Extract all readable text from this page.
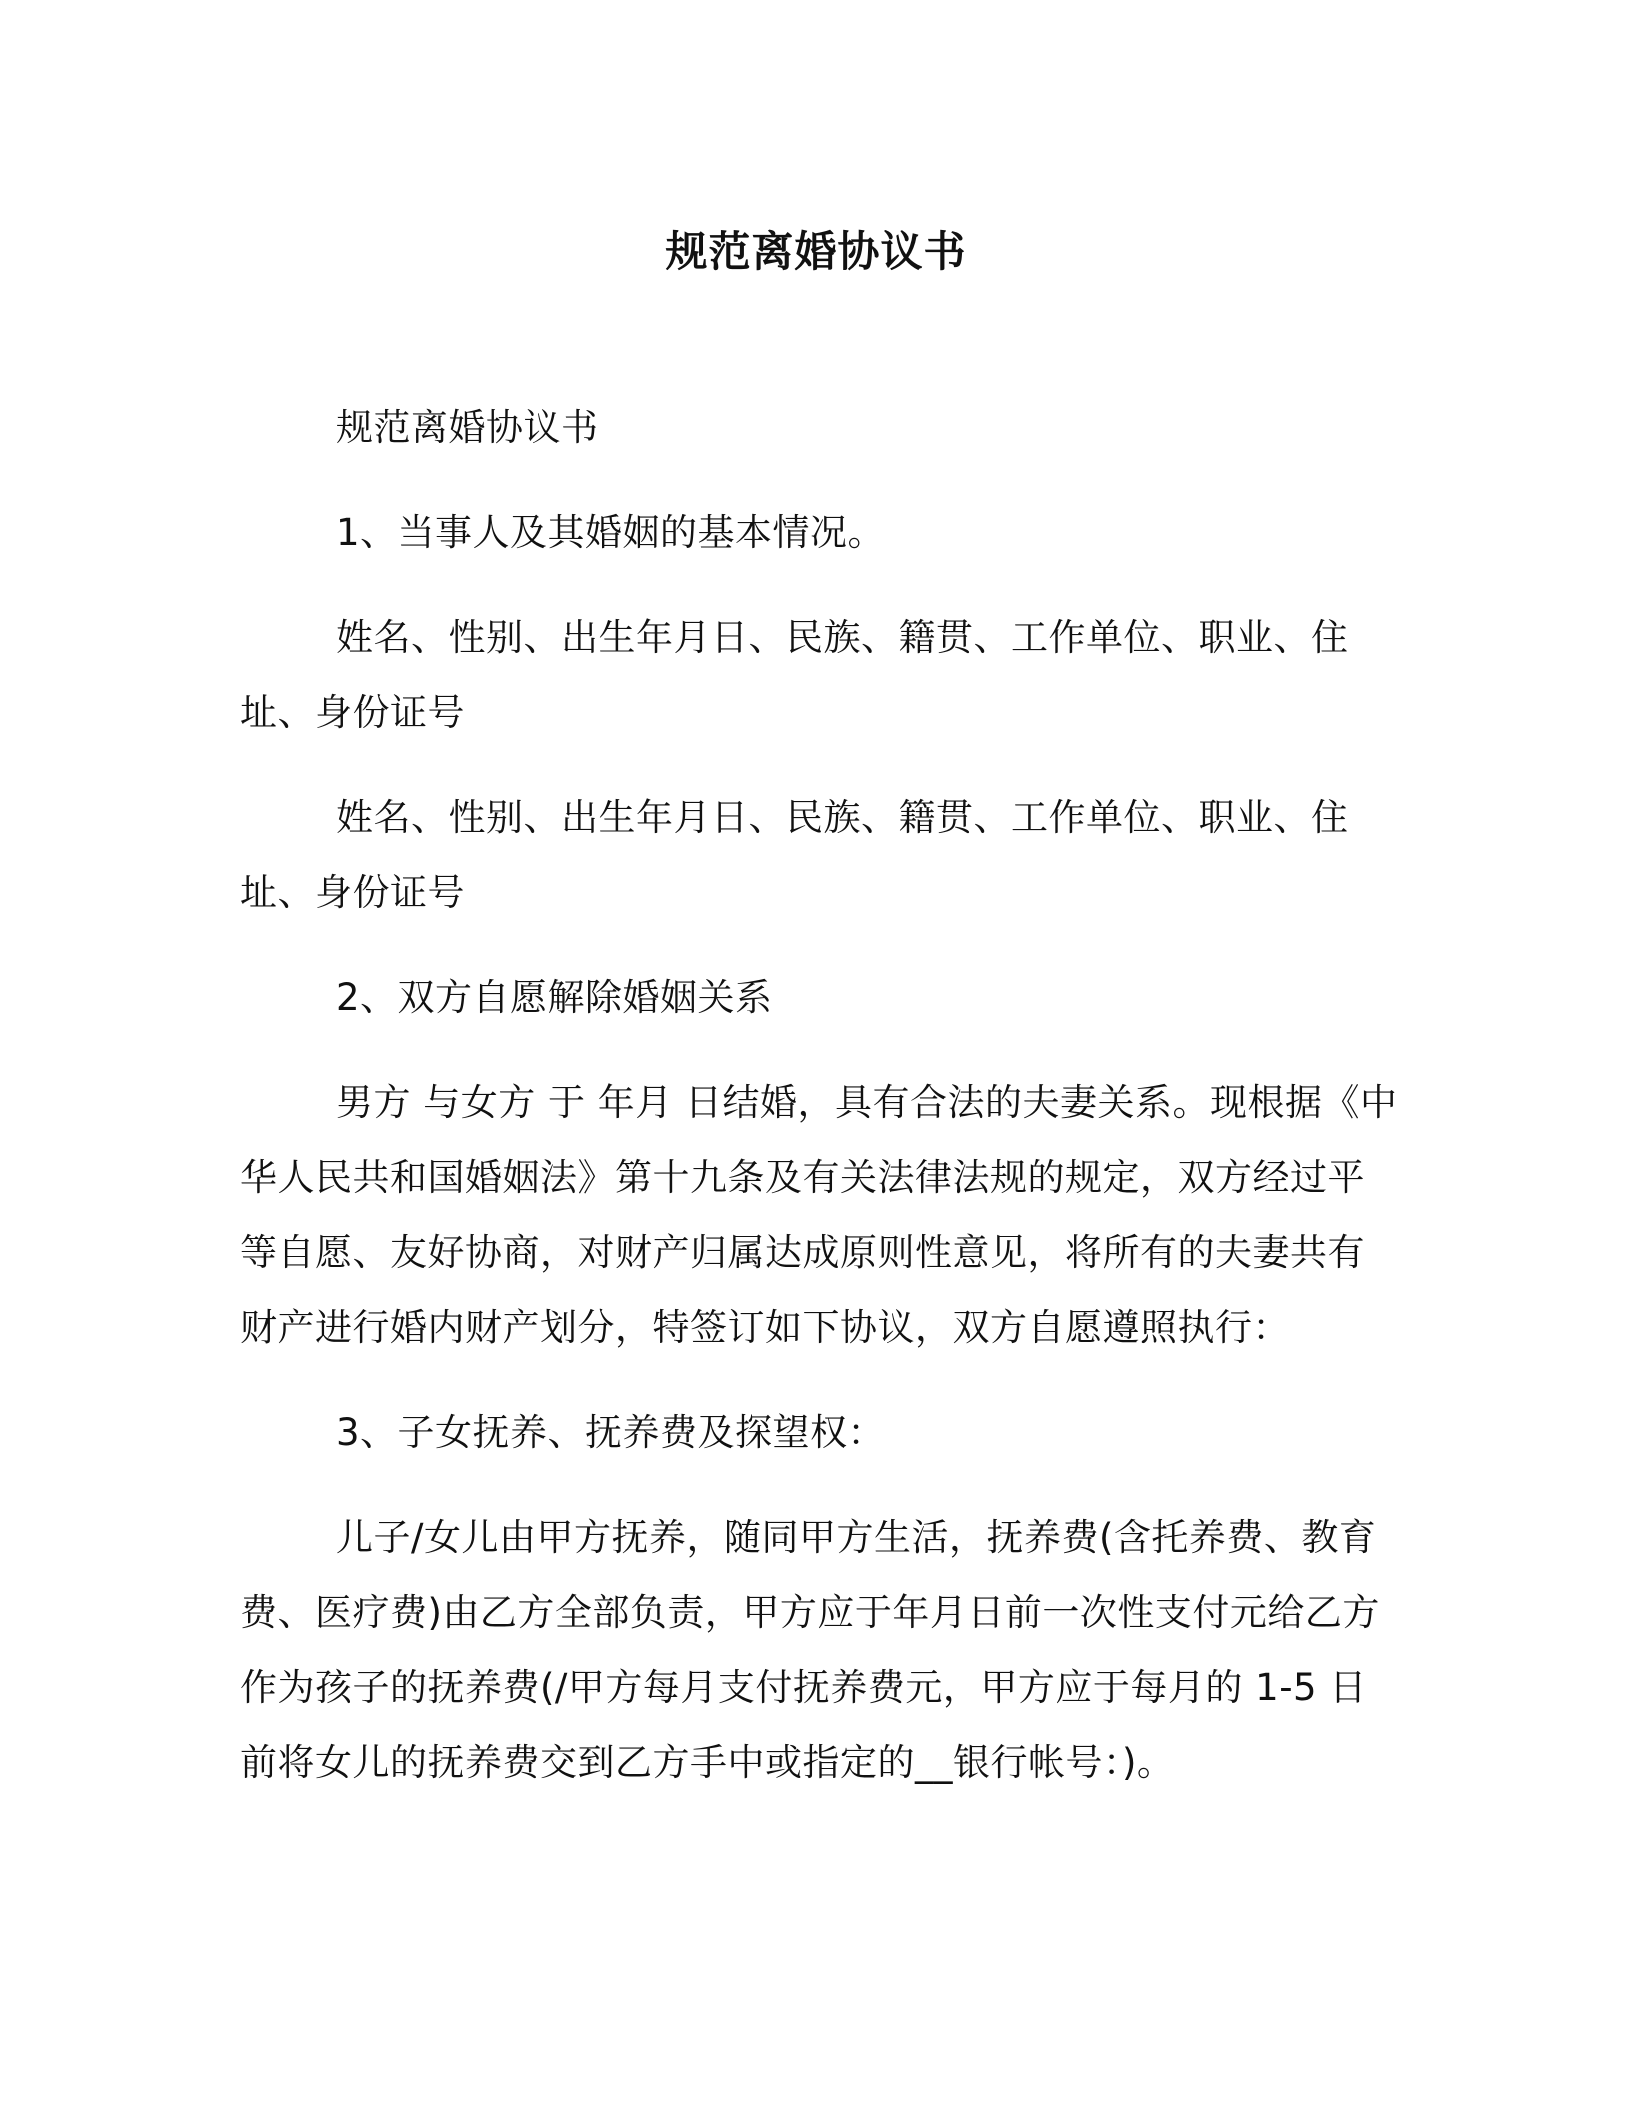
规范离婚协议书

规范离婚协议书

1、当事人及其婚姻的基本情况。

姓名、性别、出生年月日、民族、籍贯、工作单位、职业、住址、身份证号

姓名、性别、出生年月日、民族、籍贯、工作单位、职业、住址、身份证号

2、双方自愿解除婚姻关系

男方 与女方 于 年月 日结婚，具有合法的夫妻关系。现根据《中华人民共和国婚姻法》第十九条及有关法律法规的规定，双方经过平等自愿、友好协商，对财产归属达成原则性意见，将所有的夫妻共有财产进行婚内财产划分，特签订如下协议，双方自愿遵照执行：

3、子女抚养、抚养费及探望权：

儿子/女儿由甲方抚养，随同甲方生活，抚养费(含托养费、教育费、医疗费)由乙方全部负责，甲方应于年月日前一次性支付元给乙方作为孩子的抚养费(/甲方每月支付抚养费元，甲方应于每月的 1-5 日前将女儿的抚养费交到乙方手中或指定的__银行帐号：)。
